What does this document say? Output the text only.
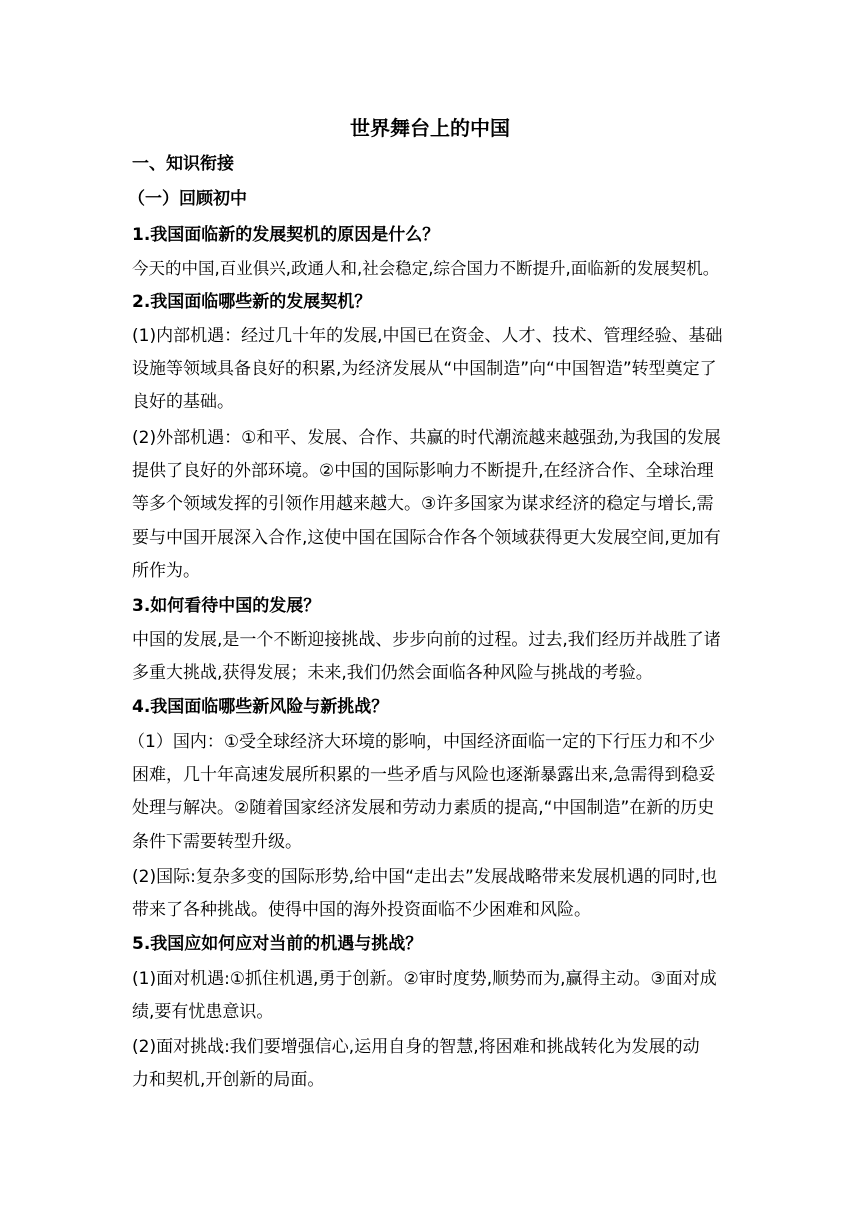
世界舞台上的中国
一、知识衔接
（一）回顾初中
1.我国面临新的发展契机的原因是什么？
今天的中国,百业俱兴,政通人和,社会稳定,综合国力不断提升,面临新的发展契机。
2.我国面临哪些新的发展契机？
(1)内部机遇：经过几十年的发展,中国已在资金、人才、技术、管理经验、基础
设施等领域具备良好的积累,为经济发展从“中国制造”向“中国智造”转型奠定了
良好的基础。
(2)外部机遇：①和平、发展、合作、共赢的时代潮流越来越强劲,为我国的发展
提供了良好的外部环境。②中国的国际影响力不断提升,在经济合作、全球治理
等多个领域发挥的引领作用越来越大。③许多国家为谋求经济的稳定与增长,需
要与中国开展深入合作,这使中国在国际合作各个领域获得更大发展空间,更加有
所作为。
3.如何看待中国的发展？
中国的发展,是一个不断迎接挑战、步步向前的过程。过去,我们经历并战胜了诸
多重大挑战,获得发展；未来,我们仍然会面临各种风险与挑战的考验。
4.我国面临哪些新风险与新挑战？
（1）国内：①受全球经济大环境的影响，中国经济面临一定的下行压力和不少
困难，几十年高速发展所积累的一些矛盾与风险也逐渐暴露出来,急需得到稳妥
处理与解决。②随着国家经济发展和劳动力素质的提高,“中国制造”在新的历史
条件下需要转型升级。
(2)国际:复杂多变的国际形势,给中国“走出去”发展战略带来发展机遇的同时,也
带来了各种挑战。使得中国的海外投资面临不少困难和风险。
5.我国应如何应对当前的机遇与挑战？
(1)面对机遇:①抓住机遇,勇于创新。②审时度势,顺势而为,赢得主动。③面对成
绩,要有忧患意识。
(2)面对挑战:我们要增强信心,运用自身的智慧,将困难和挑战转化为发展的动
力和契机,开创新的局面。
